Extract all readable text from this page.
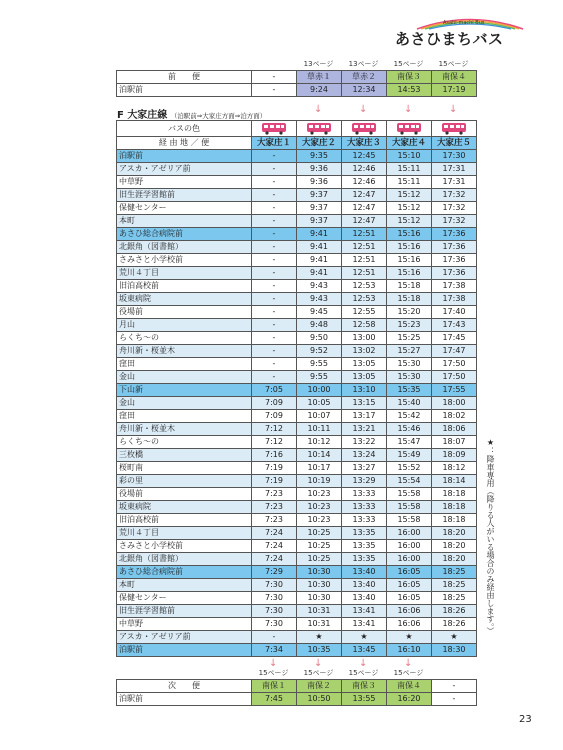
Asahi-machi Bus
あさひまちバス
13ページ	13ページ	15ページ	15ページ
前　　便	-	草赤１	草赤２	南保３	南保４
泊駅前	-	9:24	12:34	14:53	17:19
F 大家庄線 （泊駅前⇒大家庄方面⇒泊方面）
↓	↓	↓	↓
バスの色	

経 由 地 ／ 便	大家庄１	大家庄２	大家庄３	大家庄４	大家庄５
泊駅前	-	9:35	12:45	15:10	17:30
アスカ・アゼリア前	-	9:36	12:46	15:11	17:31
中草野	-	9:36	12:46	15:11	17:31
旧生涯学習館前	-	9:37	12:47	15:12	17:32
保健センター	-	9:37	12:47	15:12	17:32
本町	-	9:37	12:47	15:12	17:32
あさひ総合病院前	-	9:41	12:51	15:16	17:36
北銀角（図書館）	-	9:41	12:51	15:16	17:36
さみさと小学校前	-	9:41	12:51	15:16	17:36
荒川４丁目	-	9:41	12:51	15:16	17:36
旧泊高校前	-	9:43	12:53	15:18	17:38
坂東病院	-	9:43	12:53	15:18	17:38
役場前	-	9:45	12:55	15:20	17:40
月山	-	9:48	12:58	15:23	17:43
らくち〜の	-	9:50	13:00	15:25	17:45
舟川新・桜並木	-	9:52	13:02	15:27	17:47
窪田	-	9:55	13:05	15:30	17:50
金山	-	9:55	13:05	15:30	17:50
下山新	7:05	10:00	13:10	15:35	17:55
金山	7:09	10:05	13:15	15:40	18:00
窪田	7:09	10:07	13:17	15:42	18:02
舟川新・桜並木	7:12	10:11	13:21	15:46	18:06
らくち〜の	7:12	10:12	13:22	15:47	18:07
三枚橋	7:16	10:14	13:24	15:49	18:09
桜町南	7:19	10:17	13:27	15:52	18:12
彩の里	7:19	10:19	13:29	15:54	18:14
役場前	7:23	10:23	13:33	15:58	18:18
坂東病院	7:23	10:23	13:33	15:58	18:18
旧泊高校前	7:23	10:23	13:33	15:58	18:18
荒川４丁目	7:24	10:25	13:35	16:00	18:20
さみさと小学校前	7:24	10:25	13:35	16:00	18:20
北銀角（図書館）	7:24	10:25	13:35	16:00	18:20
あさひ総合病院前	7:29	10:30	13:40	16:05	18:25
本町	7:30	10:30	13:40	16:05	18:25
保健センター	7:30	10:30	13:40	16:05	18:25
旧生涯学習館前	7:30	10:31	13:41	16:06	18:26
中草野	7:30	10:31	13:41	16:06	18:26
アスカ・アゼリア前	-	★	★	★	★
泊駅前	7:34	10:35	13:45	16:10	18:30
↓	↓	↓	↓
15ページ	15ページ	15ページ	15ページ
次　　便	南保１	南保２	南保３	南保４	-
泊駅前	7:45	10:50	13:55	16:20	-
★：降車専用（降りる人がいる場合のみ経由します。）
23
